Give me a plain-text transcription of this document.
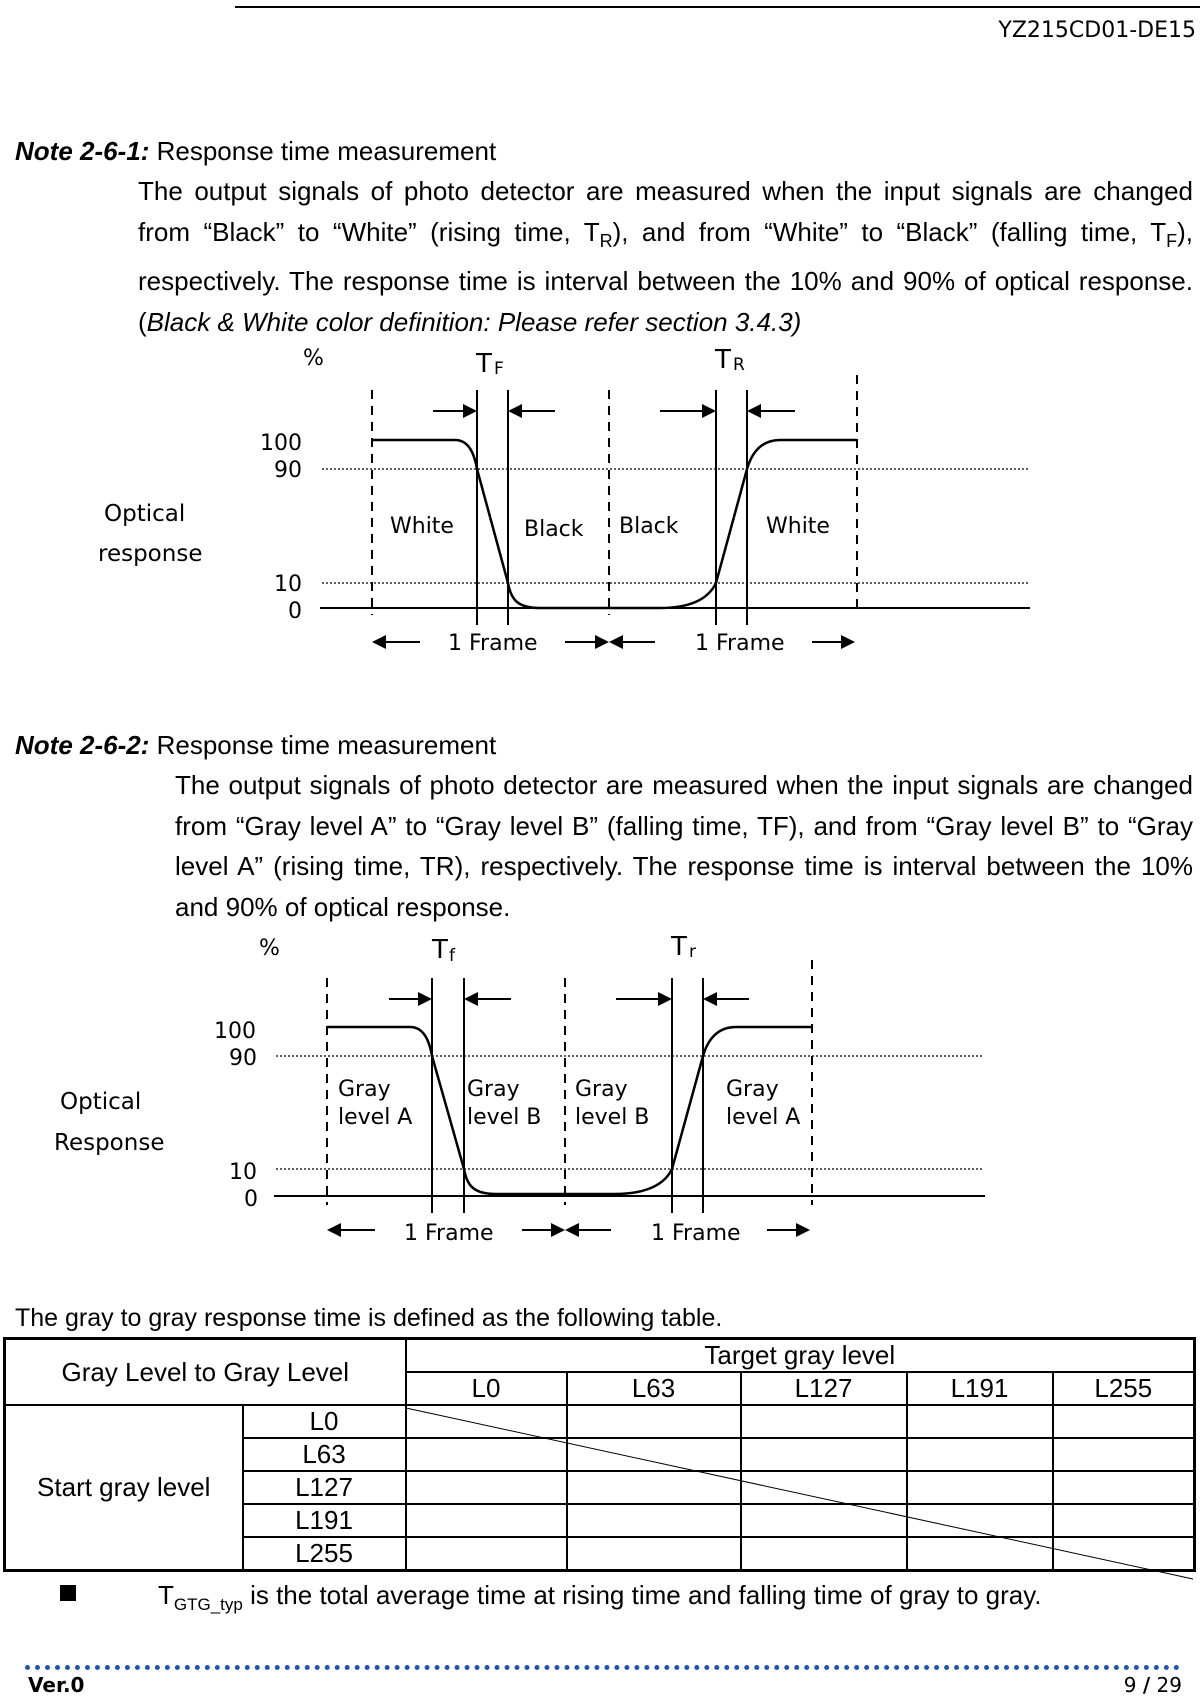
YZ215CD01-DE15
Note 2-6-1: Response time measurement
The output signals of photo detector are measured when the input signals are changed from “Black” to “White” (rising time, $T_R$), and from “White” to “Black” (falling time, $T_F$), respectively. The response time is interval between the 10% and 90% of optical response. (Black & White color definition: Please refer section 3.4.3)
%	T F	T R
100
90
10
0
Optical
response
White	Black Black	White
1 Frame	1 Frame
Note 2-6-2: Response time measurement
The output signals of photo detector are measured when the input signals are changed from “Gray level A” to “Gray level B” (falling time, TF), and from “Gray level B” to “Gray level A” (rising time, TR), respectively. The response time is interval between the 10% and 90% of optical response.
%	T f	T r
100
90
10
0
Optical
Response
Gray
level A
Gray
level B
Gray
level B
Gray
level A
1 Frame	1 Frame
The gray to gray response time is defined as the following table.
Gray Level to Gray Level		Target gray level				
		L0	L63	L127	L191	L255
Start gray level	L0					
	L63					
	L127					
	L191					
	L255					
$T_{GTG\_typ}$ is the total average time at rising time and falling time of gray to gray.
Ver.0	9 / 29
